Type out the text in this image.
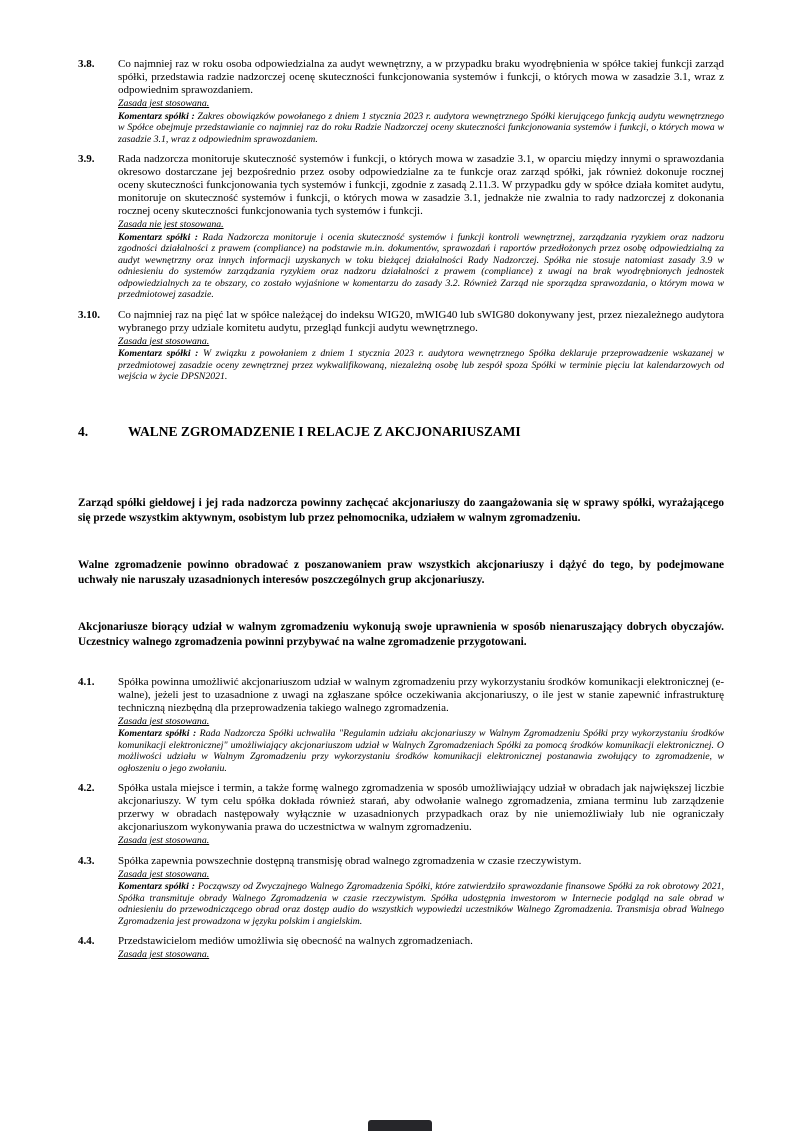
3.8.	Co najmniej raz w roku osoba odpowiedzialna za audyt wewnętrzny, a w przypadku braku wyodrębnienia w spółce takiej funkcji zarząd spółki, przedstawia radzie nadzorczej ocenę skuteczności funkcjonowania systemów i funkcji, o których mowa w zasadzie 3.1, wraz z odpowiednim sprawozdaniem.

Zasada jest stosowana.

Komentarz spółki : Zakres obowiązków powołanego z dniem 1 stycznia 2023 r. audytora wewnętrznego Spółki kierującego funkcją audytu wewnętrznego w Spółce obejmuje przedstawianie co najmniej raz do roku Radzie Nadzorczej oceny skuteczności funkcjonowania systemów i funkcji, o których mowa w zasadzie 3.1, wraz z odpowiednim sprawozdaniem.

3.9.	Rada nadzorcza monitoruje skuteczność systemów i funkcji, o których mowa w zasadzie 3.1, w oparciu między innymi o sprawozdania okresowo dostarczane jej bezpośrednio przez osoby odpowiedzialne za te funkcje oraz zarząd spółki, jak również dokonuje rocznej oceny skuteczności funkcjonowania tych systemów i funkcji, zgodnie z zasadą 2.11.3. W przypadku gdy w spółce działa komitet audytu, monitoruje on skuteczność systemów i funkcji, o których mowa w zasadzie 3.1, jednakże nie zwalnia to rady nadzorczej z dokonania rocznej oceny skuteczności funkcjonowania tych systemów i funkcji.

Zasada nie jest stosowana.

Komentarz spółki : Rada Nadzorcza monitoruje i ocenia skuteczność systemów i funkcji kontroli wewnętrznej, zarządzania ryzykiem oraz nadzoru zgodności działalności z prawem (compliance) na podstawie m.in. dokumentów, sprawozdań i raportów przedłożonych przez osobę odpowiedzialną za audyt wewnętrzny oraz innych informacji uzyskanych w toku bieżącej działalności Rady Nadzorczej. Spółka nie stosuje natomiast zasady 3.9 w odniesieniu do systemów zarządzania ryzykiem oraz nadzoru działalności z prawem (compliance) z uwagi na brak wyodrębnionych jednostek odpowiedzialnych za te obszary, co zostało wyjaśnione w komentarzu do zasady 3.2. Również Zarząd nie sporządza sprawozdania, o którym mowa w przedmiotowej zasadzie.

3.10.	Co najmniej raz na pięć lat w spółce należącej do indeksu WIG20, mWIG40 lub sWIG80 dokonywany jest, przez niezależnego audytora wybranego przy udziale komitetu audytu, przegląd funkcji audytu wewnętrznego.

Zasada jest stosowana.

Komentarz spółki : W związku z powołaniem z dniem 1 stycznia 2023 r. audytora wewnętrznego Spółka deklaruje przeprowadzenie wskazanej w przedmiotowej zasadzie oceny zewnętrznej przez wykwalifikowaną, niezależną osobę lub zespół spoza Spółki w terminie pięciu lat kalendarzowych od wejścia w życie DPSN2021.

4.	WALNE ZGROMADZENIE I RELACJE Z AKCJONARIUSZAMI

Zarząd spółki giełdowej i jej rada nadzorcza powinny zachęcać akcjonariuszy do zaangażowania się w sprawy spółki, wyrażającego się przede wszystkim aktywnym, osobistym lub przez pełnomocnika, udziałem w walnym zgromadzeniu.

Walne zgromadzenie powinno obradować z poszanowaniem praw wszystkich akcjonariuszy i dążyć do tego, by podejmowane uchwały nie naruszały uzasadnionych interesów poszczególnych grup akcjonariuszy.

Akcjonariusze biorący udział w walnym zgromadzeniu wykonują swoje uprawnienia w sposób nienaruszający dobrych obyczajów. Uczestnicy walnego zgromadzenia powinni przybywać na walne zgromadzenie przygotowani.

4.1.	Spółka powinna umożliwić akcjonariuszom udział w walnym zgromadzeniu przy wykorzystaniu środków komunikacji elektronicznej (e-walne), jeżeli jest to uzasadnione z uwagi na zgłaszane spółce oczekiwania akcjonariuszy, o ile jest w stanie zapewnić infrastrukturę techniczną niezbędną dla przeprowadzenia takiego walnego zgromadzenia.

Zasada jest stosowana.

Komentarz spółki : Rada Nadzorcza Spółki uchwaliła "Regulamin udziału akcjonariuszy w Walnym Zgromadzeniu Spółki przy wykorzystaniu środków komunikacji elektronicznej" umożliwiający akcjonariuszom udział w Walnych Zgromadzeniach Spółki za pomocą środków komunikacji elektronicznej. O możliwości udziału w Walnym Zgromadzeniu przy wykorzystaniu środków komunikacji elektronicznej postanawia zwołujący to zgromadzenie, w ogłoszeniu o jego zwołaniu.

4.2.	Spółka ustala miejsce i termin, a także formę walnego zgromadzenia w sposób umożliwiający udział w obradach jak największej liczbie akcjonariuszy. W tym celu spółka dokłada również starań, aby odwołanie walnego zgromadzenia, zmiana terminu lub zarządzenie przerwy w obradach następowały wyłącznie w uzasadnionych przypadkach oraz by nie uniemożliwiały lub nie ograniczały akcjonariuszom wykonywania prawa do uczestnictwa w walnym zgromadzeniu.

Zasada jest stosowana.

4.3.	Spółka zapewnia powszechnie dostępną transmisję obrad walnego zgromadzenia w czasie rzeczywistym.

Zasada jest stosowana.

Komentarz spółki : Począwszy od Zwyczajnego Walnego Zgromadzenia Spółki, które zatwierdziło sprawozdanie finansowe Spółki za rok obrotowy 2021, Spółka transmituje obrady Walnego Zgromadzenia w czasie rzeczywistym. Spółka udostępnia inwestorom w Internecie podgląd na sale obrad w odniesieniu do przewodniczącego obrad oraz dostęp audio do wszystkich wypowiedzi uczestników Walnego Zgromadzenia. Transmisja obrad Walnego Zgromadzenia jest prowadzona w języku polskim i angielskim.

4.4.	Przedstawicielom mediów umożliwia się obecność na walnych zgromadzeniach.

Zasada jest stosowana.
